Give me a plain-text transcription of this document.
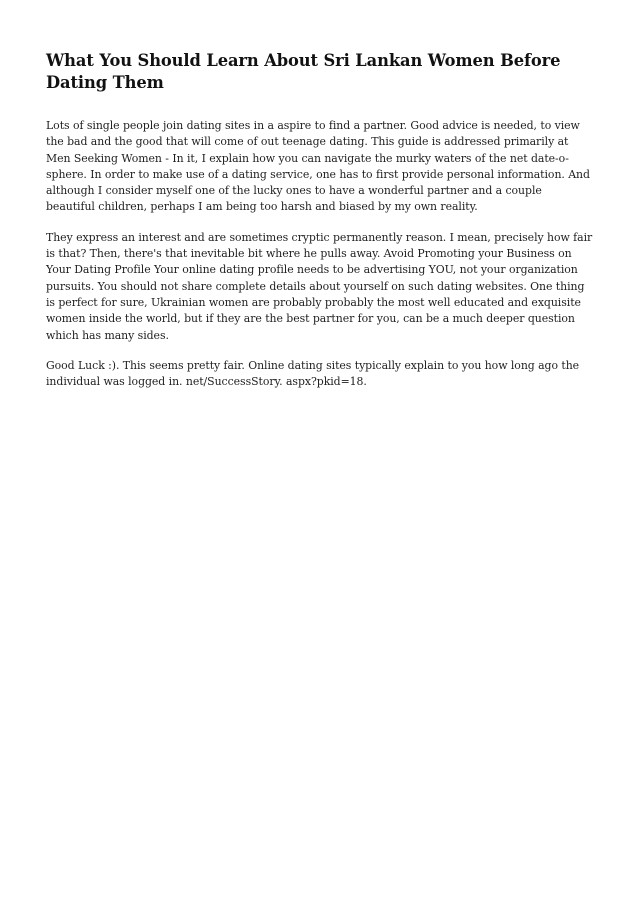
What You Should Learn About Sri Lankan Women Before Dating Them

Lots of single people join dating sites in a aspire to find a partner. Good advice is needed, to view the bad and the good that will come of out teenage dating. This guide is addressed primarily at Men Seeking Women - In it, I explain how you can navigate the murky waters of the net date-o-sphere. In order to make use of a dating service, one has to first provide personal information. And although I consider myself one of the lucky ones to have a wonderful partner and a couple beautiful children, perhaps I am being too harsh and biased by my own reality.

They express an interest and are sometimes cryptic permanently reason. I mean, precisely how fair is that? Then, there's that inevitable bit where he pulls away. Avoid Promoting your Business on Your Dating Profile Your online dating profile needs to be advertising YOU, not your organization pursuits. You should not share complete details about yourself on such dating websites. One thing is perfect for sure, Ukrainian women are probably probably the most well educated and exquisite women inside the world, but if they are the best partner for you, can be a much deeper question which has many sides.

Good Luck :). This seems pretty fair. Online dating sites typically explain to you how long ago the individual was logged in. net/SuccessStory. aspx?pkid=18.
